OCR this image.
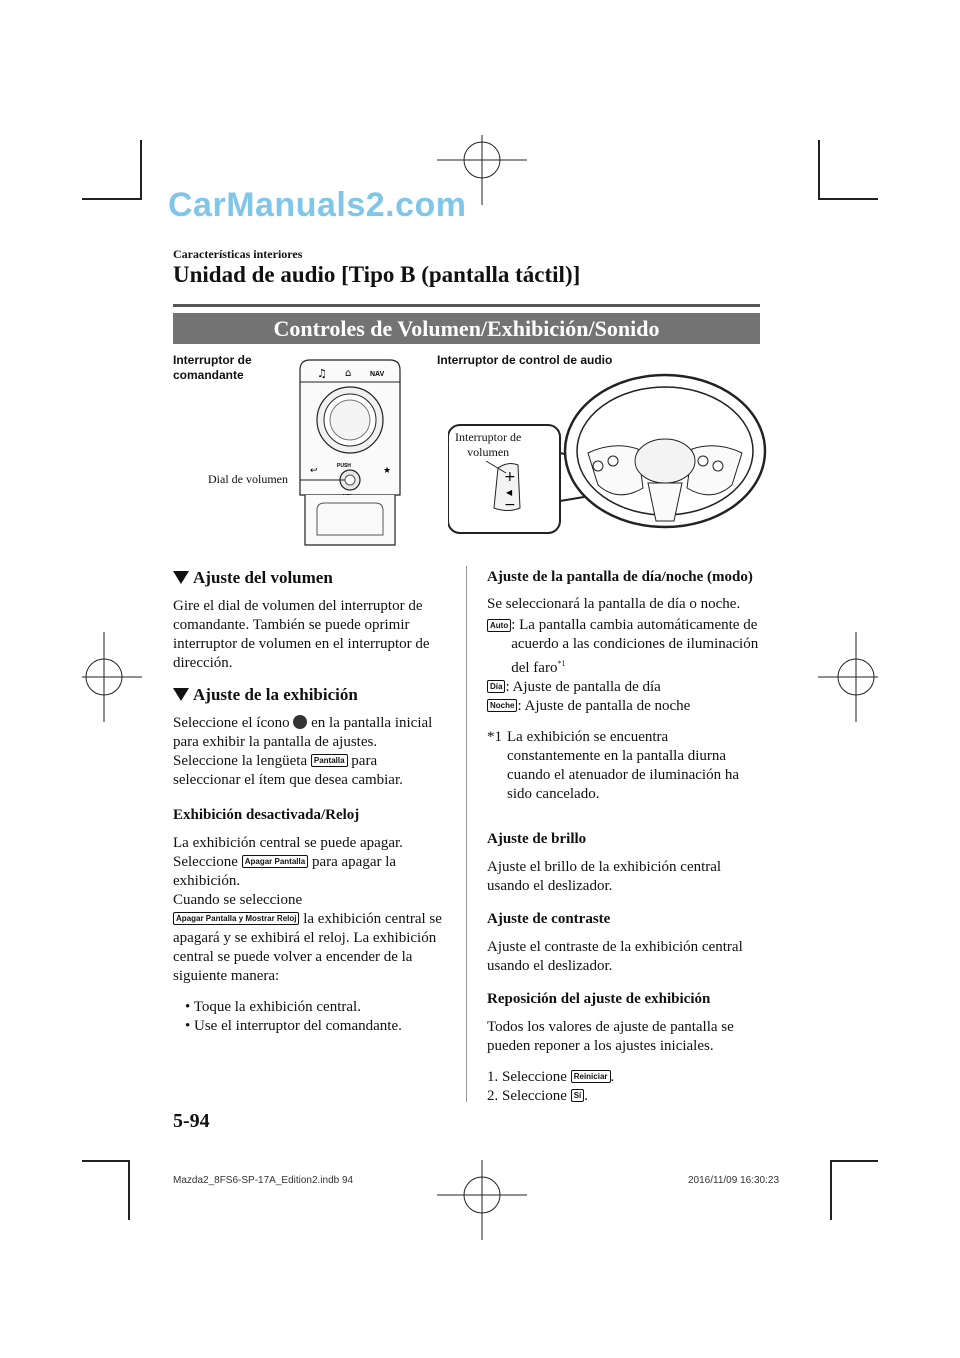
CarManuals2.com
Características interiores
Unidad de audio [Tipo B (pantalla táctil)]
Controles de Volumen/Exhibición/Sonido
Interruptor de
comandante
Dial de volumen
Interruptor de control de audio
♫ ⌂	NAV
PUSH
↩	★	+
◀
−
Interruptor de
volumen
Ajuste del volumen

Gire el dial de volumen del interruptor de comandante. También se puede oprimir interruptor de volumen en el interruptor de dirección.

Ajuste de la exhibición

Seleccione el ícono en la pantalla inicial para exhibir la pantalla de ajustes. Seleccione la lengüeta Pantalla para seleccionar el ítem que desea cambiar.

Exhibición desactivada/Reloj

La exhibición central se puede apagar. Seleccione Apagar Pantalla para apagar la exhibición.
Cuando se seleccione
Apagar Pantalla y Mostrar Reloj la exhibición central se apagará y se exhibirá el reloj. La exhibición central se puede volver a encender de la siguiente manera:

• Toque la exhibición central.
• Use el interruptor del comandante.
Ajuste de la pantalla de día/noche (modo)

Se seleccionará la pantalla de día o noche.

Auto : La pantalla cambia automáticamente de acuerdo a las condiciones de iluminación del faro$^{*1}$
Día : Ajuste de pantalla de día
Noche : Ajuste de pantalla de noche
*1 La exhibición se encuentra constantemente en la pantalla diurna cuando el atenuador de iluminación ha sido cancelado.
Ajuste de brillo

Ajuste el brillo de la exhibición central usando el deslizador.

Ajuste de contraste

Ajuste el contraste de la exhibición central usando el deslizador.

Reposición del ajuste de exhibición

Todos los valores de ajuste de pantalla se pueden reponer a los ajustes iniciales.

1. Seleccione Reiniciar .
2. Seleccione Sí .
5-94
Mazda2_8FS6-SP-17A_Edition2.indb 94	2016/11/09 16:30:23
